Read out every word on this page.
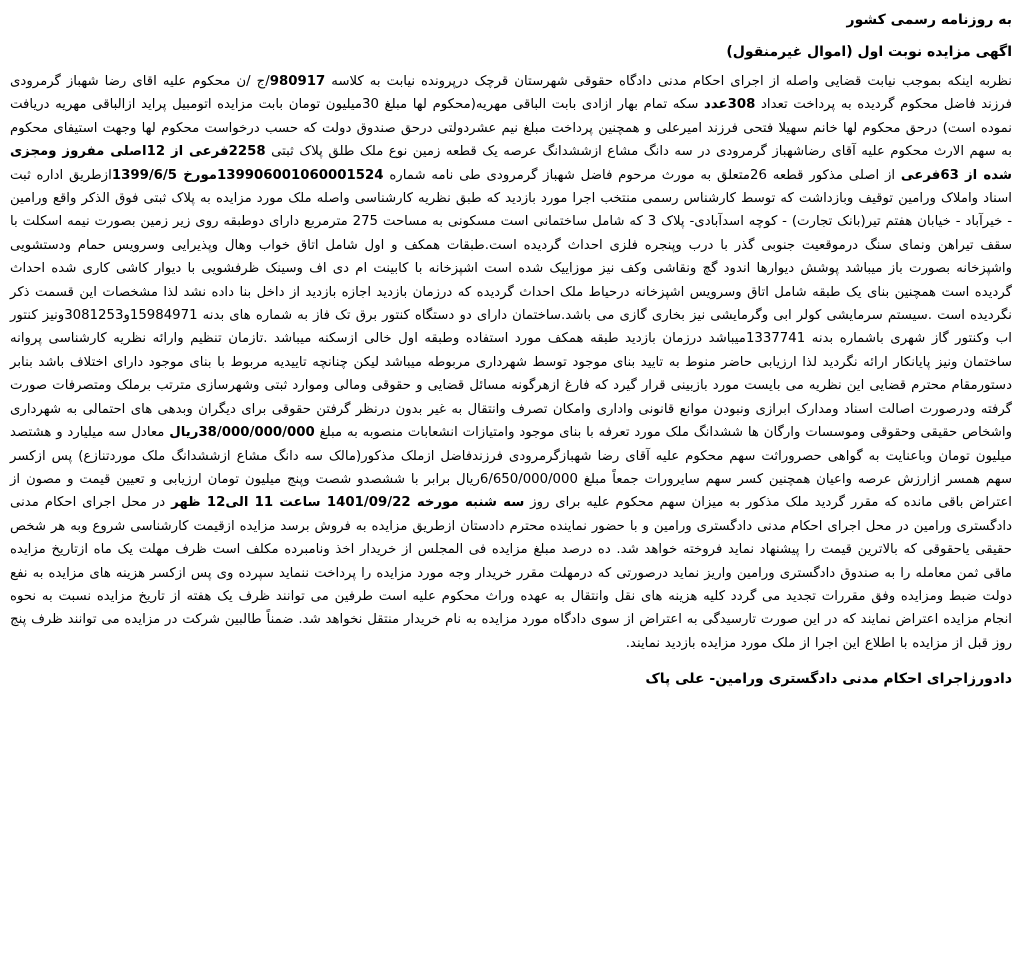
به روزنامه رسمی کشور

اگهی مزایده نوبت اول (اموال غیرمنقول)

نظربه اینکه بموجب نیابت قضایی واصله از اجرای احکام مدنی دادگاه حقوقی شهرستان قرچک درپرونده نیابت به کلاسه 980917/ج /ن محکوم علیه اقای رضا شهباز گرمرودی فرزند فاضل محکوم گردیده به پرداخت تعداد 308عدد سکه تمام بهار ازادی بابت الباقی مهریه(محکوم لها مبلغ 30میلیون تومان بابت مزایده اتومبیل پراید ازالباقی مهریه دریافت نموده است) درحق محکوم لها خانم سهیلا فتحی فرزند امیرعلی و همچنین پرداخت مبلغ نیم عشردولتی درحق صندوق دولت که حسب درخواست محکوم لها وجهت استیفای محکوم به سهم الارث محکوم علیه آقای رضاشهباز گرمرودی در سه دانگ مشاع ازششدانگ عرصه یک قطعه زمین نوع ملک طلق پلاک ثبتی 2258فرعی از 12اصلی مفروز ومجزی شده از 63فرعی از اصلی مذکور قطعه 26متعلق به مورث مرحوم فاضل شهباز گرمرودی طی نامه شماره 139906001060001524مورخ 1399/6/5ازطریق اداره ثبت اسناد واملاک ورامین توقیف وبازداشت که توسط کارشناس رسمی منتخب اجرا مورد بازدید که طبق نظریه کارشناسی واصله ملک مورد مزایده به پلاک ثبتی فوق الذکر واقع ورامین - خیرآباد - خیابان هفتم تیر(بانک تجارت) - کوچه اسدآبادی- پلاک 3 که شامل ساختمانی است مسکونی به مساحت 275 مترمربع دارای دوطبقه روی زیر زمین بصورت نیمه اسکلت با سقف تیراهن ونمای سنگ درموقعیت جنوبی گذر با درب وپنجره فلزی احداث گردیده است.طبقات همکف و اول شامل اتاق خواب وهال وپذیرایی وسرویس حمام ودستشویی واشپزخانه بصورت باز میباشد پوشش دیوارها اندود گچ ونقاشی وکف نیز موزاییک شده است اشپزخانه با کابینت ام دی اف وسینک ظرفشویی با دیوار کاشی کاری شده احداث گردیده است همچنین بنای یک طبقه شامل اتاق وسرویس اشپزخانه درحیاط ملک احداث گردیده که درزمان بازدید اجازه بازدید از داخل بنا داده نشد لذا مشخصات این قسمت ذکر نگردیده است .سیستم سرمایشی کولر ابی وگرمایشی نیز بخاری گازی می باشد.ساختمان دارای دو دستگاه کنتور برق تک فاز به شماره های بدنه 15984971و3081253ونیز کنتور اب وکنتور گاز شهری باشماره بدنه 1337741میباشد درزمان بازدید طبقه همکف مورد استفاده وطبقه اول خالی ازسکنه میباشد .تازمان تنظیم وارائه نظریه کارشناسی پروانه ساختمان ونیز پایانکار ارائه نگردید لذا ارزیابی حاضر منوط به تایید بنای موجود توسط شهرداری مربوطه میباشد لیکن چنانچه تاییدیه مربوط با بنای موجود دارای اختلاف باشد بنابر دستورمقام محترم قضایی این نظریه می بایست مورد بازبینی قرار گیرد که فارغ ازهرگونه مسائل قضایی و حقوقی ومالی وموارد ثبتی وشهرسازی مترتب برملک ومتصرفات صورت گرفته ودرصورت اصالت اسناد ومدارک ابرازی ونبودن موانع قانونی واداری وامکان تصرف وانتقال به غیر بدون درنظر گرفتن حقوقی برای دیگران وبدهی های احتمالی به شهرداری واشخاص حقیقی وحقوقی وموسسات وارگان ها ششدانگ ملک مورد تعرفه با بنای موجود وامتیازات انشعابات منصوبه به مبلغ 38/000/000/000ریال معادل سه میلیارد و هشتصد میلیون تومان وباعنایت به گواهی حصروراثت سهم محکوم علیه آقای رضا شهبازگرمرودی فرزندفاضل ازملک مذکور(مالک سه دانگ مشاع ازششدانگ ملک موردتنازع) پس ازکسر سهم همسر ازارزش عرصه واعیان همچنین کسر سهم سایرورات جمعاً مبلغ 6/650/000/000ریال برابر با ششصدو شصت وپنج میلیون تومان ارزیابی و تعیین قیمت و مصون از اعتراض باقی مانده که مقرر گردید ملک مذکور به میزان سهم محکوم علیه برای روز سه شنبه مورخه 1401/09/22 ساعت 11 الی12 ظهر در محل اجرای احکام مدنی دادگستری ورامین در محل اجرای احکام مدنی دادگستری ورامین و با حضور نماینده محترم دادستان ازطریق مزایده به فروش برسد مزایده ازقیمت کارشناسی شروع وبه هر شخص حقیقی یاحقوقی که بالاترین قیمت را پیشنهاد نماید فروخته خواهد شد. ده درصد مبلغ مزایده فی المجلس از خریدار اخذ ونامبرده مکلف است ظرف مهلت یک ماه ازتاریخ مزایده ماقی ثمن معامله را به صندوق دادگستری ورامین واریز نماید درصورتی که درمهلت مقرر خریدار وجه مورد مزایده را پرداخت ننماید سپرده وی پس ازکسر هزینه های مزایده به نفع دولت ضبط ومزایده وفق مقررات تجدید می گردد کلیه هزینه های نقل وانتقال به عهده وراث محکوم علیه است طرفین می توانند ظرف یک هفته از تاریخ مزایده نسبت به نحوه انجام مزایده اعتراض نمایند که در این صورت تارسیدگی به اعتراض از سوی دادگاه مورد مزایده به نام خریدار منتقل نخواهد شد. ضمناً طالبین شرکت در مزایده می توانند ظرف پنج روز قبل از مزایده با اطلاع این اجرا از ملک مورد مزایده بازدید نمایند.

دادورزاجرای احکام مدنی دادگستری ورامین- علی پاک
